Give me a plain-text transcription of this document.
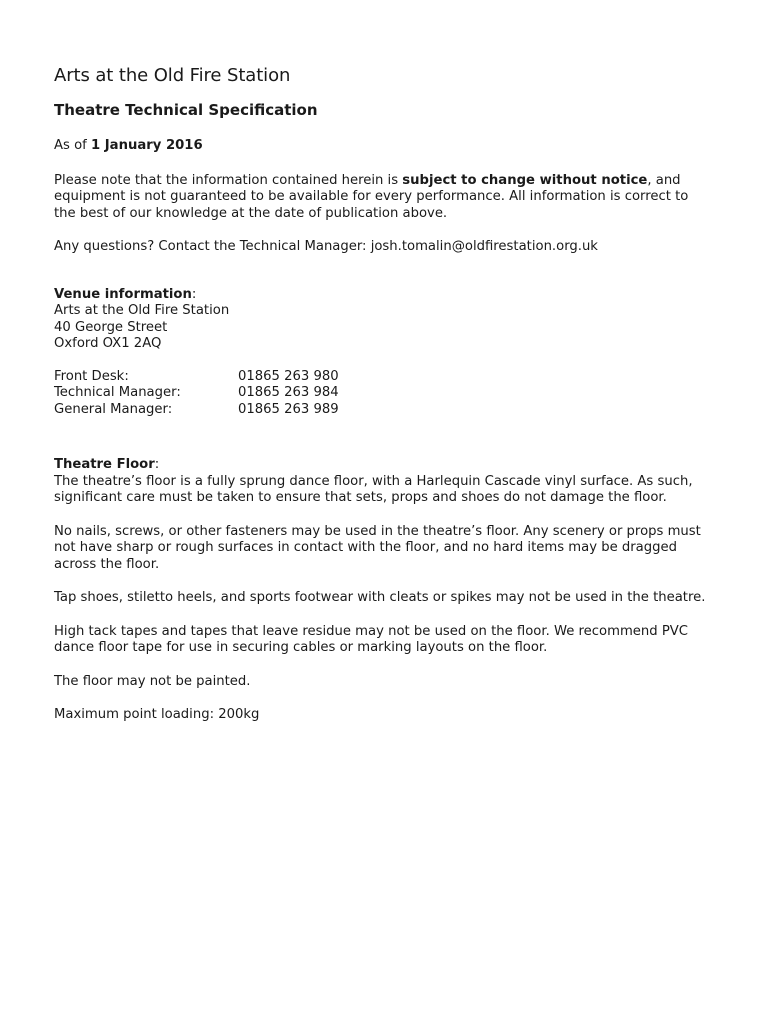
Arts at the Old Fire Station
Theatre Technical Specification

As of 1 January 2016

Please note that the information contained herein is subject to change without notice, and equipment is not guaranteed to be available for every performance. All information is correct to the best of our knowledge at the date of publication above.

Any questions? Contact the Technical Manager: josh.tomalin@oldfirestation.org.uk

Venue information:

Arts at the Old Fire Station
40 George Street
Oxford OX1 2AQ
Front Desk:	01865 263 980
Technical Manager:	01865 263 984
General Manager:	01865 263 989

Theatre Floor:

The theatre’s floor is a fully sprung dance floor, with a Harlequin Cascade vinyl surface. As such, significant care must be taken to ensure that sets, props and shoes do not damage the floor.

No nails, screws, or other fasteners may be used in the theatre’s floor. Any scenery or props must not have sharp or rough surfaces in contact with the floor, and no hard items may be dragged across the floor.

Tap shoes, stiletto heels, and sports footwear with cleats or spikes may not be used in the theatre.

High tack tapes and tapes that leave residue may not be used on the floor. We recommend PVC dance floor tape for use in securing cables or marking layouts on the floor.

The floor may not be painted.

Maximum point loading: 200kg
